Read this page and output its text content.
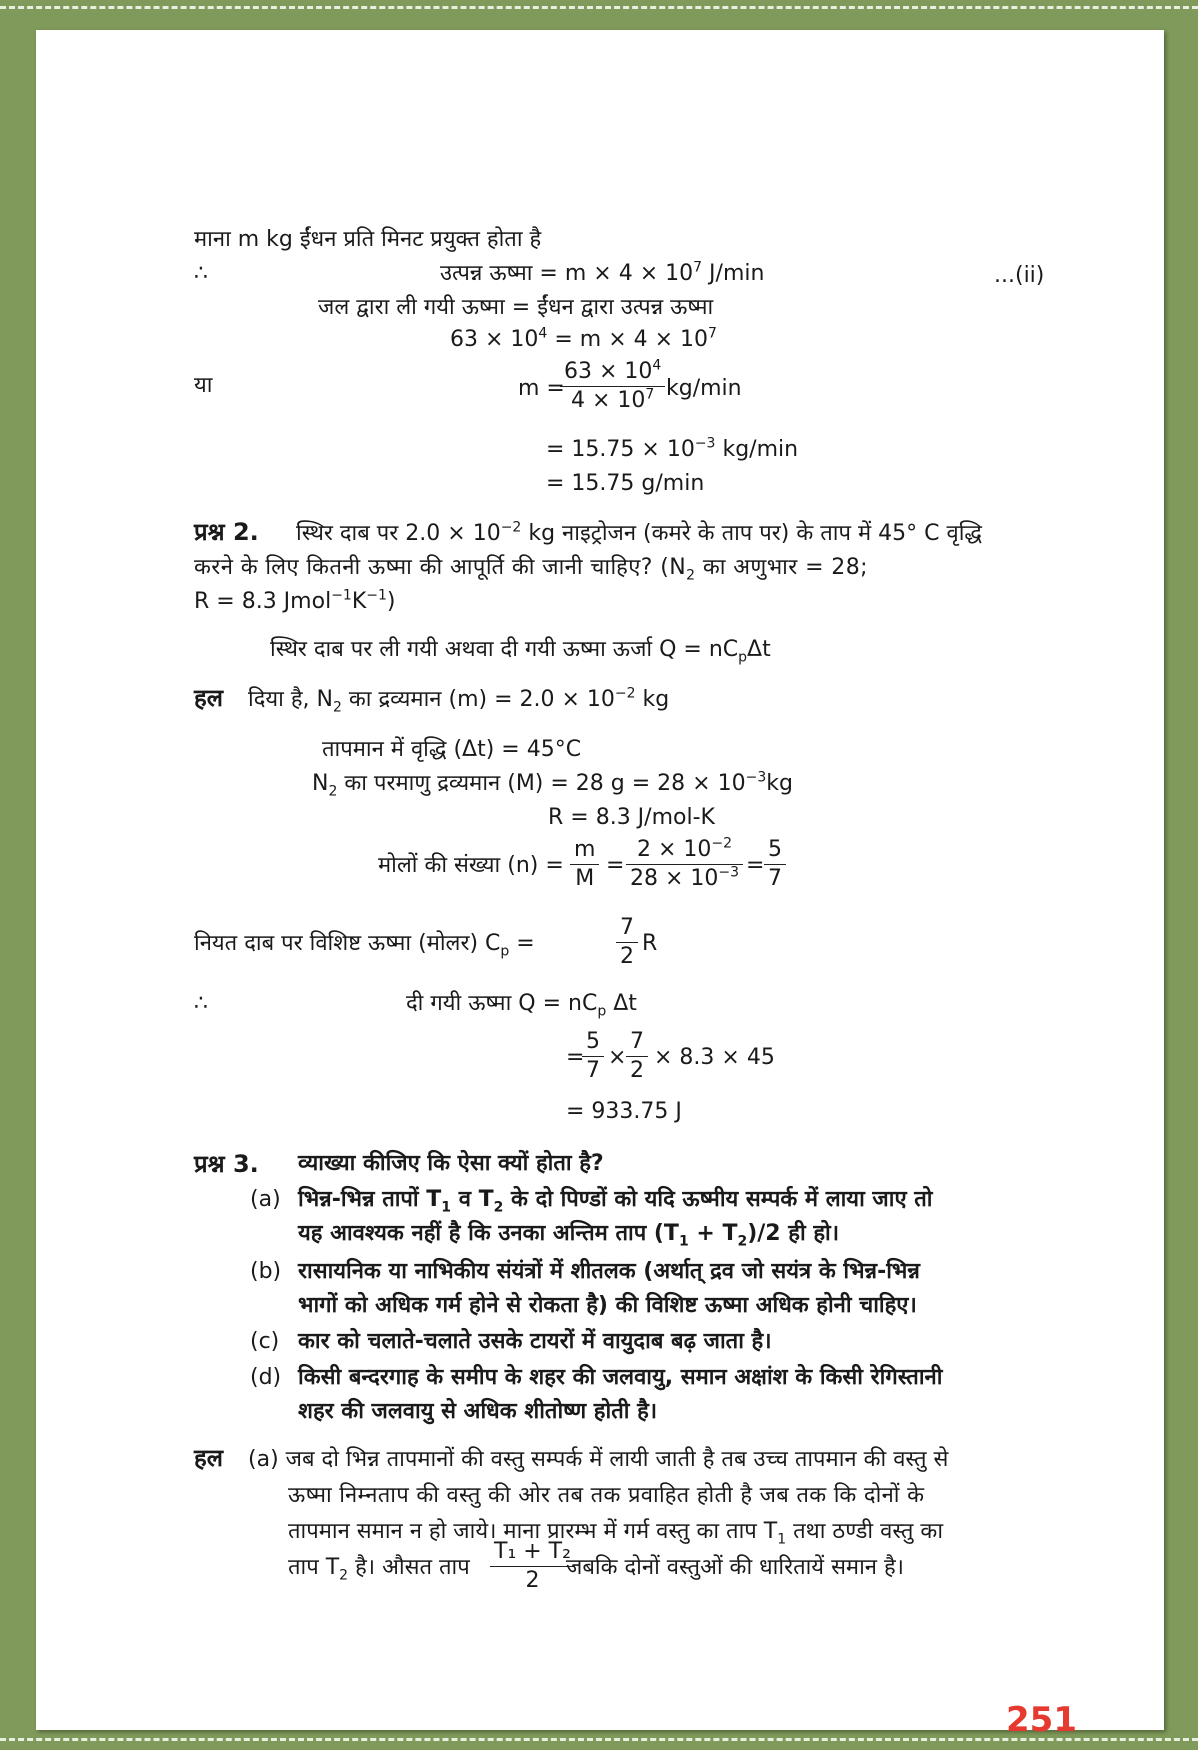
माना m kg ईंधन प्रति मिनट प्रयुक्त होता है
∴	उत्पन्न ऊष्मा = $m \times 4 \times 10^7$ J/min	...(ii)
जल द्वारा ली गयी ऊष्मा = ईंधन द्वारा उत्पन्न ऊष्मा
$63 \times 10^4 = m \times 4 \times 10^7$
या	m =
$\frac{63 \times 10^4}{4 \times 10^7} kg/\min$
= $15.75 \times 10^{-3}$ kg/min
= 15.75 g/min
प्रश्न 2. स्थिर दाब पर $2.0 \times 10^{-2}$ kg नाइट्रोजन (कमरे के ताप पर) के ताप में 45° C वृद्धि
करने के लिए कितनी ऊष्मा की आपूर्ति की जानी चाहिए? ($N_2$ का अणुभार = 28;
R = 8.3 $Jmol^{-1}K^{-1}$)
स्थिर दाब पर ली गयी अथवा दी गयी ऊष्मा ऊर्जा $Q = nC_p\Delta t$
हल दिया है, $N_2$ का द्रव्यमान $(m) = 2.0 \times 10^{-2}$ kg
तापमान में वृद्धि (Δt) = 45°C
$N_2$ का परमाणु द्रव्यमान (M) = 28 $g = 28 \times 10^{-3}kg$
R = 8.3 J/mol-K
मोलों की संख्या $(n) = \frac{m}{M} = \frac{2 \times 10^{-2}}{28 \times 10^{-3}} = \frac{5}{7}$
नियत दाब पर विशिष्ट ऊष्मा (मोलर) $C_p$ =	$\frac{7}{2}$ R
∴	दी गयी ऊष्मा $Q = nC_p$ Δt
=
$\frac{5}{7} \times \frac{7}{2} \times 8.3 \times 45$
= 933.75 J
प्रश्न 3. व्याख्या कीजिए कि ऐसा क्यों होता है?
(a) भिन्न-भिन्न तापों $T_1$ व $T_2$ के दो पिण्डों को यदि ऊष्मीय सम्पर्क में लाया जाए तो
यह आवश्यक नहीं है कि उनका अन्तिम ताप $(T_1 + T_2)/2$ ही हो।
(b) रासायनिक या नाभिकीय संयंत्रों में शीतलक (अर्थात् द्रव जो सयंत्र के भिन्न-भिन्न
भागों को अधिक गर्म होने से रोकता है) की विशिष्ट ऊष्मा अधिक होनी चाहिए।
(c) कार को चलाते-चलाते उसके टायरों में वायुदाब बढ़ जाता है।
(d) किसी बन्दरगाह के समीप के शहर की जलवायु, समान अक्षांश के किसी रेगिस्तानी
शहर की जलवायु से अधिक शीतोष्ण होती है।
हल (a) जब दो भिन्न तापमानों की वस्तु सम्पर्क में लायी जाती है तब उच्च तापमान की वस्तु से
ऊष्मा निम्नताप की वस्तु की ओर तब तक प्रवाहित होती है जब तक कि दोनों के
तापमान समान न हो जाये। माना प्रारम्भ में गर्म वस्तु का ताप $T_1$ तथा ठण्डी वस्तु का
ताप $T_2$ है। औसत ताप $\frac{\text{T₁ + T₂}}{2}$
जबकि दोनों वस्तुओं की धारितायें समान है।
251
